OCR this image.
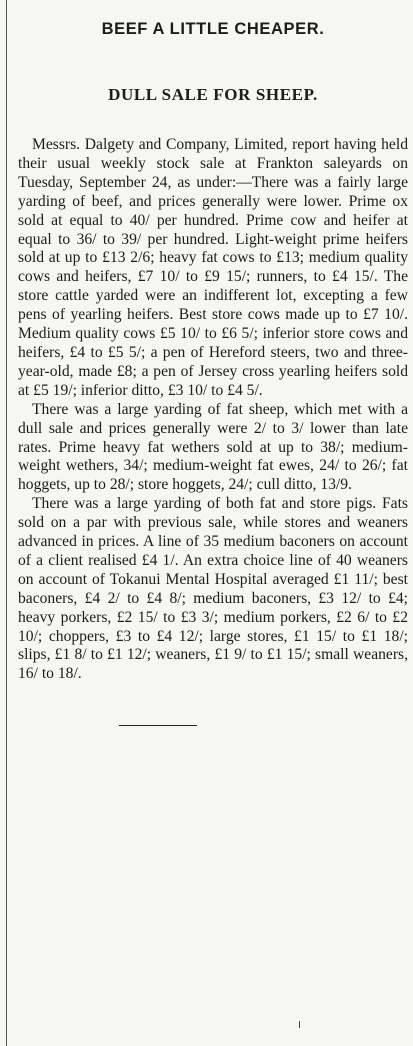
BEEF A LITTLE CHEAPER.
DULL SALE FOR SHEEP.

Messrs. Dalgety and Company, Limited, report having held their usual weekly stock sale at Frankton saleyards on Tuesday, September 24, as under:—There was a fairly large yarding of beef, and prices generally were lower. Prime ox sold at equal to 40/ per hundred. Prime cow and heifer at equal to 36/ to 39/ per hundred. Light-weight prime heifers sold at up to £13 2/6; heavy fat cows to £13; medium quality cows and heifers, £7 10/ to £9 15/; runners, to £4 15/. The store cattle yarded were an indifferent lot, excepting a few pens of yearling heifers. Best store cows made up to £7 10/. Medium quality cows £5 10/ to £6 5/; inferior store cows and heifers, £4 to £5 5/; a pen of Hereford steers, two and three-year-old, made £8; a pen of Jersey cross yearling heifers sold at £5 19/; inferior ditto, £3 10/ to £4 5/.

There was a large yarding of fat sheep, which met with a dull sale and prices generally were 2/ to 3/ lower than late rates. Prime heavy fat wethers sold at up to 38/; medium-weight wethers, 34/; medium-weight fat ewes, 24/ to 26/; fat hoggets, up to 28/; store hoggets, 24/; cull ditto, 13/9.

There was a large yarding of both fat and store pigs. Fats sold on a par with previous sale, while stores and weaners advanced in prices. A line of 35 medium baconers on account of a client realised £4 1/. An extra choice line of 40 weaners on account of Tokanui Mental Hospital averaged £1 11/; best baconers, £4 2/ to £4 8/; medium baconers, £3 12/ to £4; heavy porkers, £2 15/ to £3 3/; medium porkers, £2 6/ to £2 10/; choppers, £3 to £4 12/; large stores, £1 15/ to £1 18/; slips, £1 8/ to £1 12/; weaners, £1 9/ to £1 15/; small weaners, 16/ to 18/.
